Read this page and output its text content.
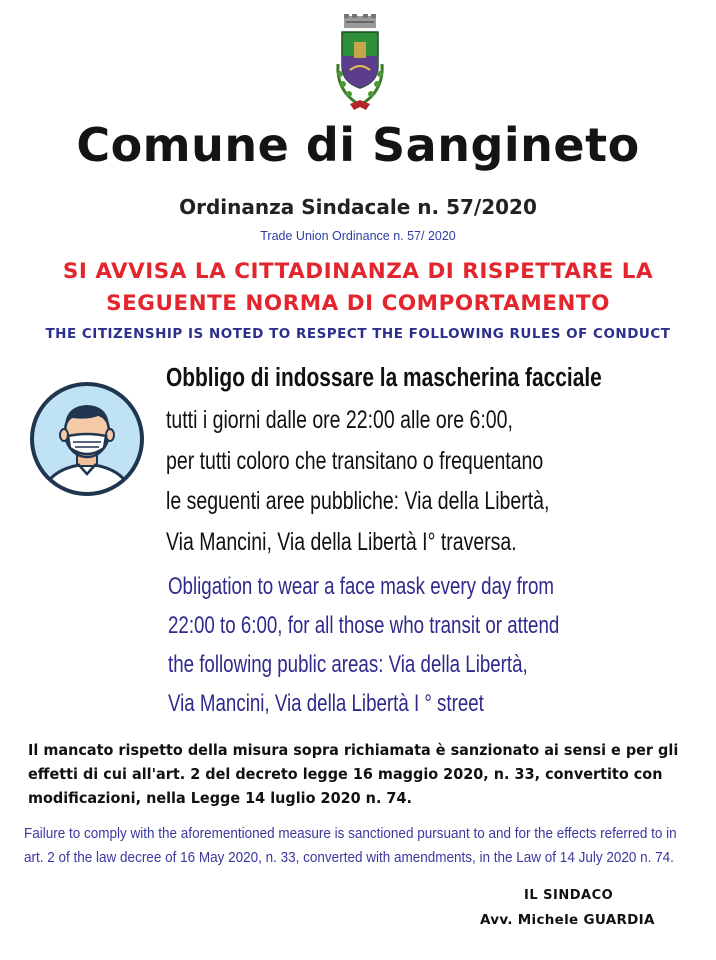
Comune di Sangineto
Ordinanza Sindacale n. 57/2020
Trade Union Ordinance n. 57/ 2020
SI AVVISA LA CITTADINANZA DI RISPETTARE LA
SEGUENTE NORMA DI COMPORTAMENTO
THE CITIZENSHIP IS NOTED TO RESPECT THE FOLLOWING RULES OF CONDUCT
Obbligo di indossare la mascherina facciale
tutti i giorni dalle ore 22:00 alle ore 6:00,
per tutti coloro che transitano o frequentano
le seguenti aree pubbliche: Via della Libertà,
Via Mancini, Via della Libertà I° traversa.
Obligation to wear a face mask every day from
22:00 to 6:00, for all those who transit or attend
the following public areas: Via della Libertà,
Via Mancini, Via della Libertà I ° street
Il mancato rispetto della misura sopra richiamata è sanzionato ai sensi e per gli effetti di cui all'art. 2 del decreto legge 16 maggio 2020, n. 33, convertito con modificazioni, nella Legge 14 luglio 2020 n. 74.
Failure to comply with the aforementioned measure is sanctioned pursuant to and for the effects referred to in art. 2 of the law decree of 16 May 2020, n. 33, converted with amendments, in the Law of 14 July 2020 n. 74.
IL SINDACO
Avv. Michele GUARDIA
